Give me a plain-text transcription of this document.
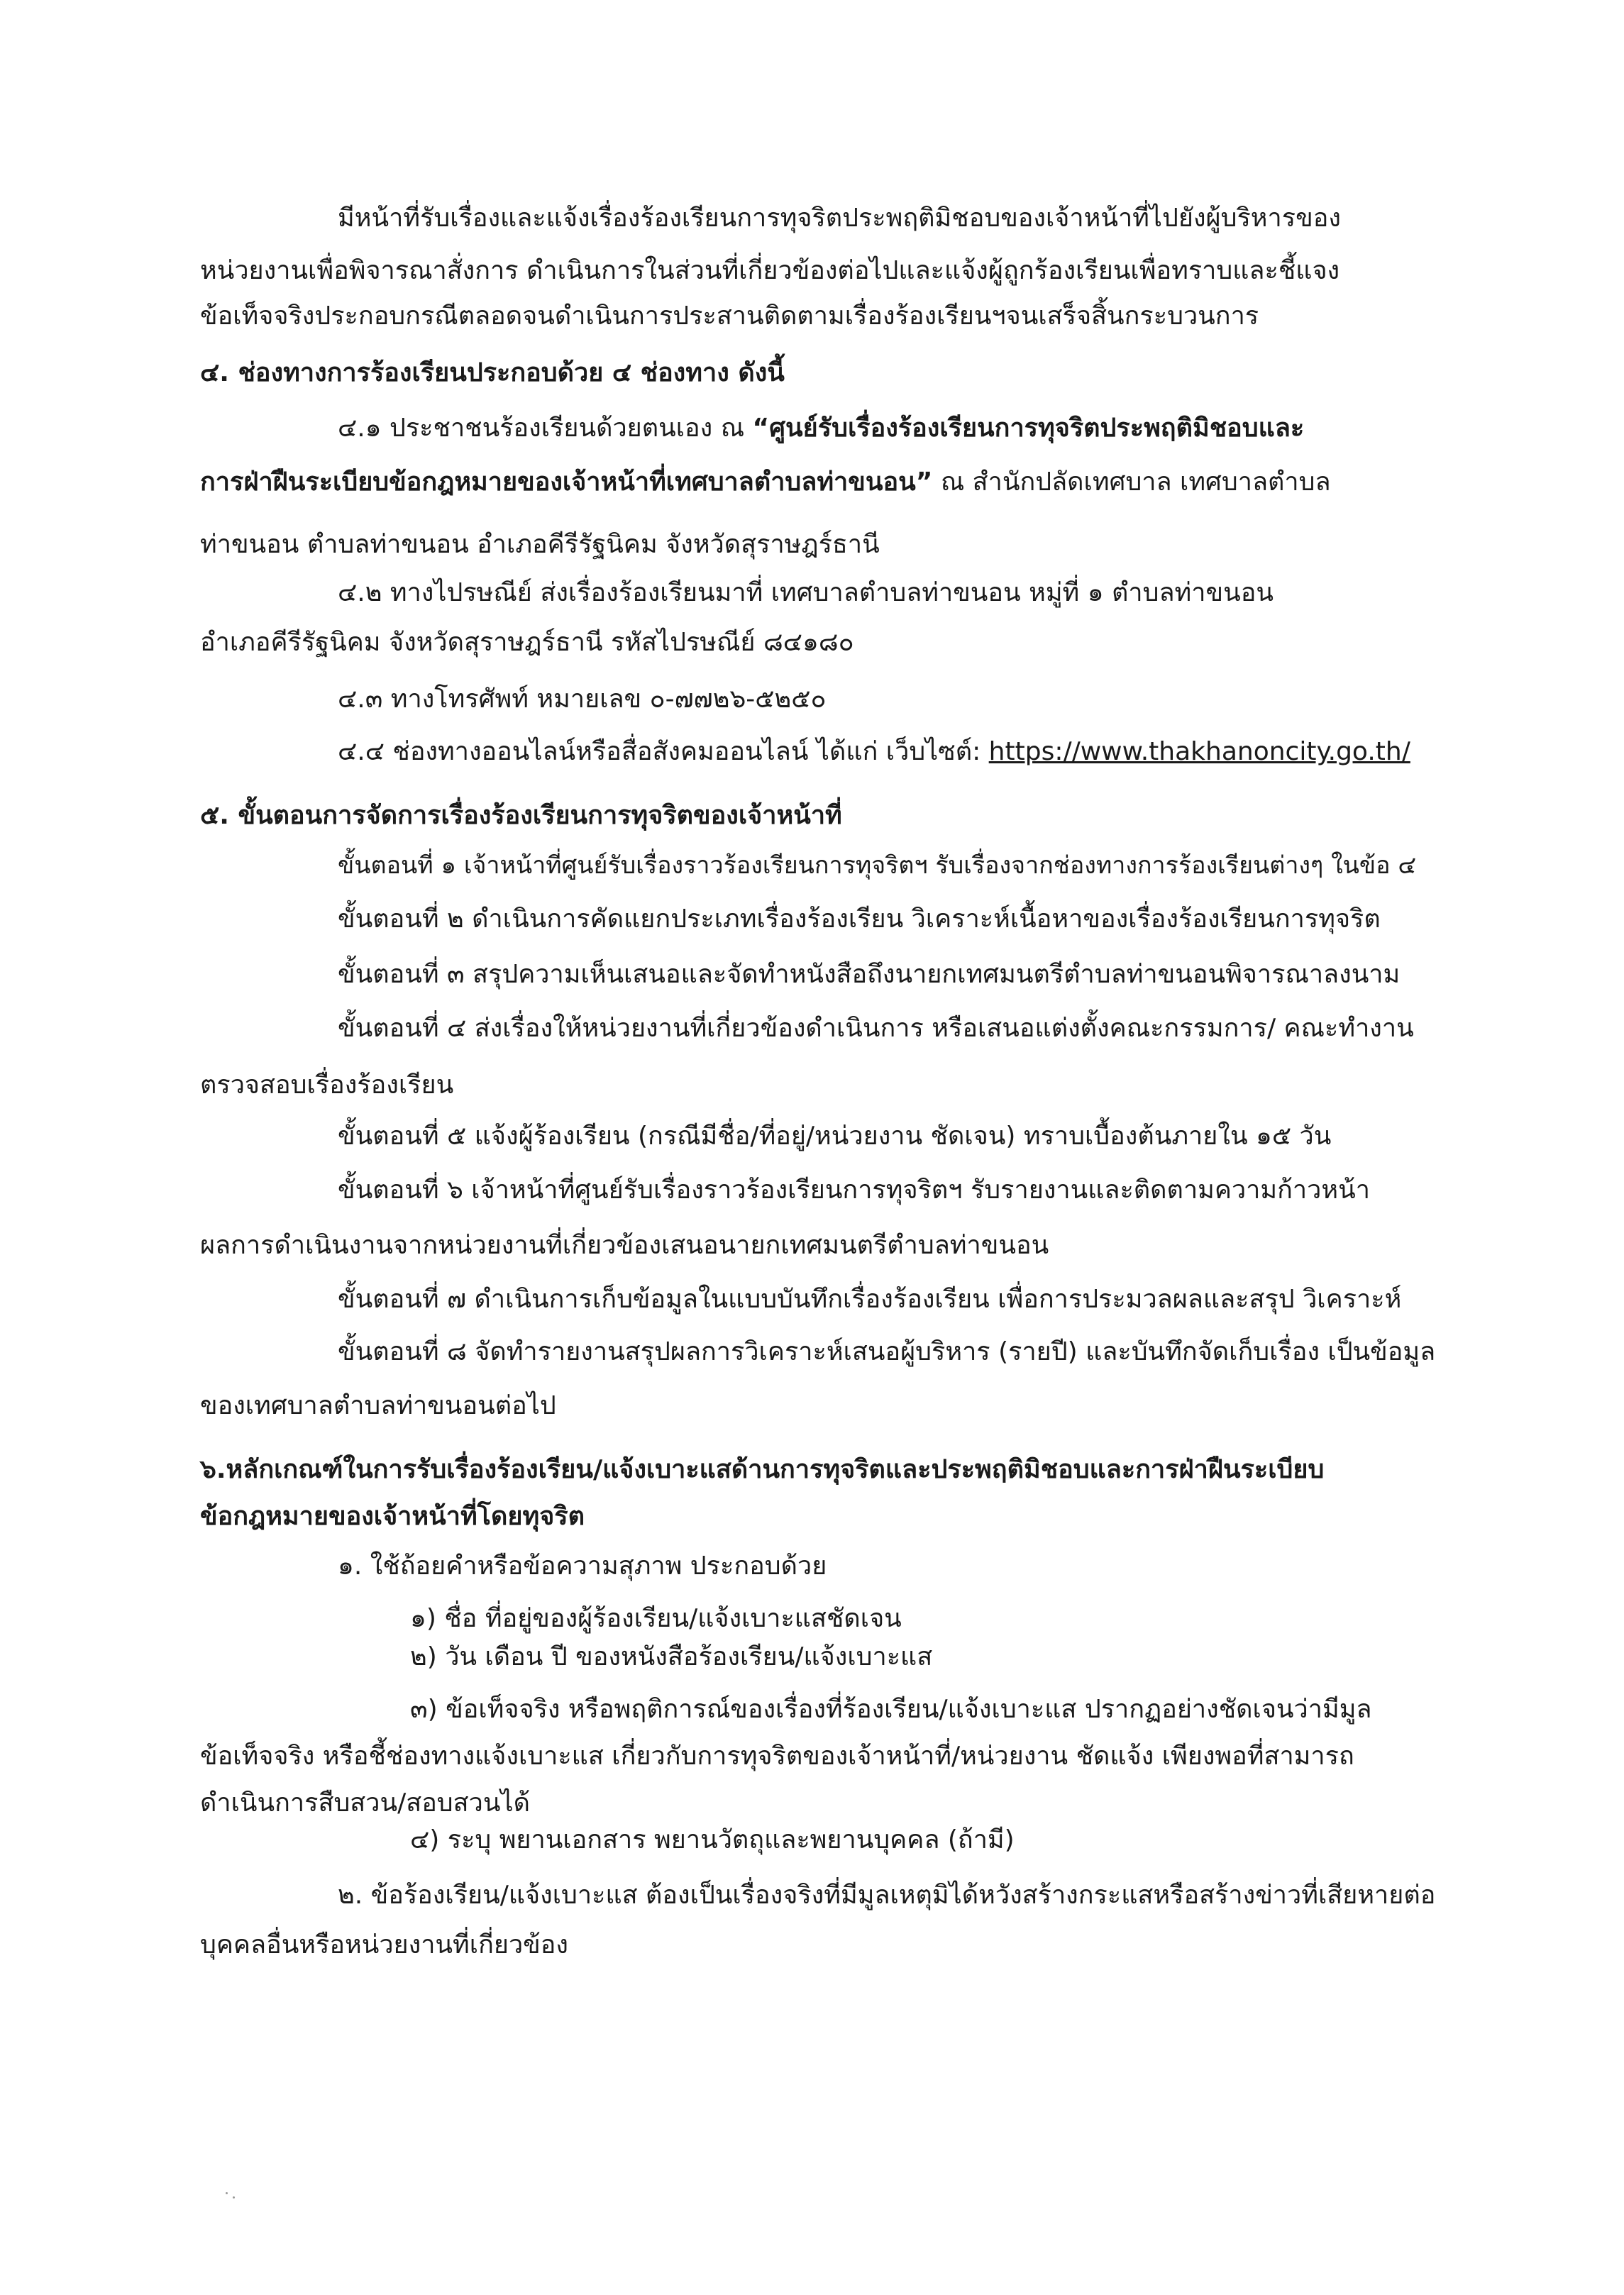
มีหน้าที่รับเรื่องและแจ้งเรื่องร้องเรียนการทุจริตประพฤติมิชอบของเจ้าหน้าที่ไปยังผู้บริหารของ
หน่วยงานเพื่อพิจารณาสั่งการ ดำเนินการในส่วนที่เกี่ยวข้องต่อไปและแจ้งผู้ถูกร้องเรียนเพื่อทราบและชี้แจง
ข้อเท็จจริงประกอบกรณีตลอดจนดำเนินการประสานติดตามเรื่องร้องเรียนฯจนเสร็จสิ้นกระบวนการ
๔. ช่องทางการร้องเรียนประกอบด้วย ๔ ช่องทาง ดังนี้
๔.๑ ประชาชนร้องเรียนด้วยตนเอง ณ “ศูนย์รับเรื่องร้องเรียนการทุจริตประพฤติมิชอบและ
การฝ่าฝืนระเบียบข้อกฎหมายของเจ้าหน้าที่เทศบาลตำบลท่าขนอน” ณ สำนักปลัดเทศบาล เทศบาลตำบล
ท่าขนอน ตำบลท่าขนอน อำเภอคีรีรัฐนิคม จังหวัดสุราษฎร์ธานี
๔.๒ ทางไปรษณีย์ ส่งเรื่องร้องเรียนมาที่ เทศบาลตำบลท่าขนอน หมู่ที่ ๑ ตำบลท่าขนอน
อำเภอคีรีรัฐนิคม จังหวัดสุราษฎร์ธานี รหัสไปรษณีย์ ๘๔๑๘๐
๔.๓ ทางโทรศัพท์ หมายเลข ๐-๗๗๒๖-๕๒๕๐
๔.๔ ช่องทางออนไลน์หรือสื่อสังคมออนไลน์ ได้แก่ เว็บไซต์: https://www.thakhanoncity.go.th/
๕. ขั้นตอนการจัดการเรื่องร้องเรียนการทุจริตของเจ้าหน้าที่
ขั้นตอนที่ ๑ เจ้าหน้าที่ศูนย์รับเรื่องราวร้องเรียนการทุจริตฯ รับเรื่องจากช่องทางการร้องเรียนต่างๆ ในข้อ ๔
ขั้นตอนที่ ๒ ดำเนินการคัดแยกประเภทเรื่องร้องเรียน วิเคราะห์เนื้อหาของเรื่องร้องเรียนการทุจริต
ขั้นตอนที่ ๓ สรุปความเห็นเสนอและจัดทำหนังสือถึงนายกเทศมนตรีตำบลท่าขนอนพิจารณาลงนาม
ขั้นตอนที่ ๔ ส่งเรื่องให้หน่วยงานที่เกี่ยวข้องดำเนินการ หรือเสนอแต่งตั้งคณะกรรมการ/ คณะทำงาน
ตรวจสอบเรื่องร้องเรียน
ขั้นตอนที่ ๕ แจ้งผู้ร้องเรียน (กรณีมีชื่อ/ที่อยู่/หน่วยงาน ชัดเจน) ทราบเบื้องต้นภายใน ๑๕ วัน
ขั้นตอนที่ ๖ เจ้าหน้าที่ศูนย์รับเรื่องราวร้องเรียนการทุจริตฯ รับรายงานและติดตามความก้าวหน้า
ผลการดำเนินงานจากหน่วยงานที่เกี่ยวข้องเสนอนายกเทศมนตรีตำบลท่าขนอน
ขั้นตอนที่ ๗ ดำเนินการเก็บข้อมูลในแบบบันทึกเรื่องร้องเรียน เพื่อการประมวลผลและสรุป วิเคราะห์
ขั้นตอนที่ ๘ จัดทำรายงานสรุปผลการวิเคราะห์เสนอผู้บริหาร (รายปี) และบันทึกจัดเก็บเรื่อง เป็นข้อมูล
ของเทศบาลตำบลท่าขนอนต่อไป
๖.หลักเกณฑ์ในการรับเรื่องร้องเรียน/แจ้งเบาะแสด้านการทุจริตและประพฤติมิชอบและการฝ่าฝืนระเบียบ
ข้อกฎหมายของเจ้าหน้าที่โดยทุจริต
๑. ใช้ถ้อยคำหรือข้อความสุภาพ ประกอบด้วย
๑) ชื่อ ที่อยู่ของผู้ร้องเรียน/แจ้งเบาะแสชัดเจน
๒) วัน เดือน ปี ของหนังสือร้องเรียน/แจ้งเบาะแส
๓) ข้อเท็จจริง หรือพฤติการณ์ของเรื่องที่ร้องเรียน/แจ้งเบาะแส ปรากฏอย่างชัดเจนว่ามีมูล
ข้อเท็จจริง หรือชี้ช่องทางแจ้งเบาะแส เกี่ยวกับการทุจริตของเจ้าหน้าที่/หน่วยงาน ชัดแจ้ง เพียงพอที่สามารถ
ดำเนินการสืบสวน/สอบสวนได้
๔) ระบุ พยานเอกสาร พยานวัตถุและพยานบุคคล (ถ้ามี)
๒. ข้อร้องเรียน/แจ้งเบาะแส ต้องเป็นเรื่องจริงที่มีมูลเหตุมิได้หวังสร้างกระแสหรือสร้างข่าวที่เสียหายต่อ
บุคคลอื่นหรือหน่วยงานที่เกี่ยวข้อง
